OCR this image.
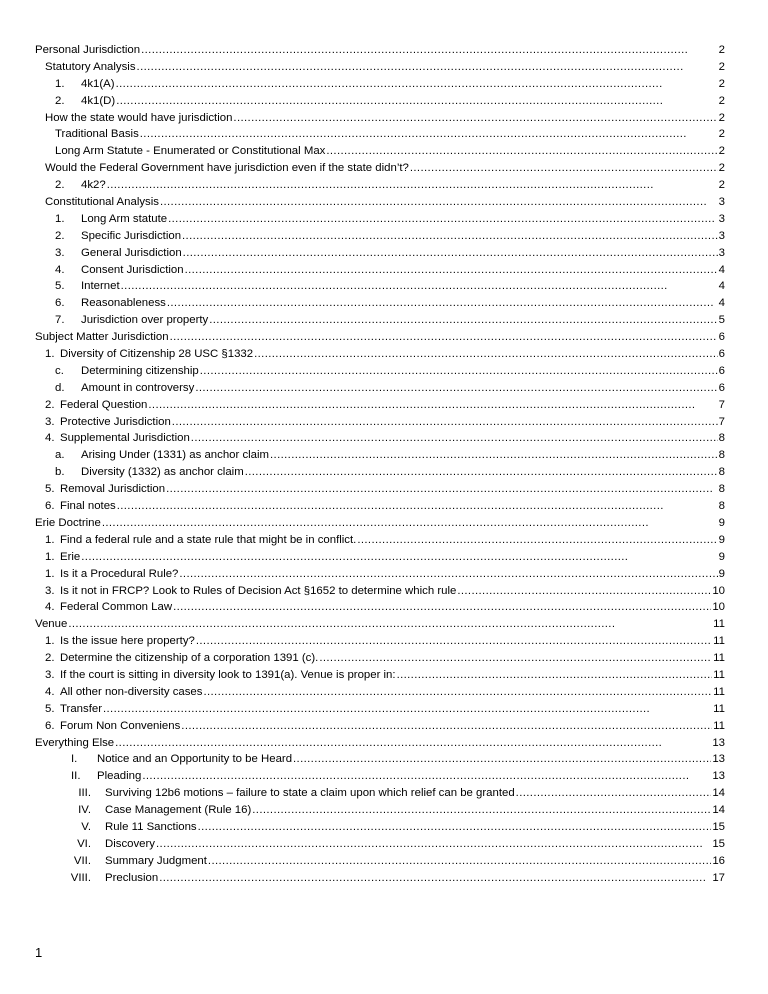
Personal Jurisdiction . . .	2
Statutory Analysis . . .	2
1.	4k1(A) . . .	2
2.	4k1(D) . . .	2
How the state would have jurisdiction . . .	2
Traditional Basis . . .	2
Long Arm Statute - Enumerated or Constitutional Max . . .	2
Would the Federal Government have jurisdiction even if the state didn’t? . . .	2
2.	4k2? . . .	2
Constitutional Analysis . . .	3
1.	Long Arm statute . . .	3
2.	Specific Jurisdiction . . .	3
3.	General Jurisdiction . . .	3
4.	Consent Jurisdiction . . .	4
5.	Internet . . .	4
6.	Reasonableness . . .	4
7.	Jurisdiction over property . . .	5
Subject Matter Jurisdiction . . .	6
1. Diversity of Citizenship 28 USC §1332 . . .	6
c.	Determining citizenship . . .	6
d.	Amount in controversy . . .	6
2. Federal Question . . .	7
3. Protective Jurisdiction . . .	7
4. Supplemental Jurisdiction . . .	8
a.	Arising Under (1331) as anchor claim . . .	8
b.	Diversity (1332) as anchor claim . . .	8
5. Removal Jurisdiction . . .	8
6. Final notes . . .	8
Erie Doctrine . . .	9
1. Find a federal rule and a state rule that might be in conflict. . . .	9
1. Erie . . .	9
1. Is it a Procedural Rule? . . .	9
3. Is it not in FRCP? Look to Rules of Decision Act §1652 to determine which rule . . .	10
4. Federal Common Law . . .	10
Venue . . .	11
1. Is the issue here property? . . .	11
2. Determine the citizenship of a corporation 1391 (c). . . .	11
3. If the court is sitting in diversity look to 1391(a). Venue is proper in: . . .	11
4. All other non-diversity cases . . .	11
5. Transfer . . .	11
6. Forum Non Conveniens . . .	11
Everything Else . . .	13
I.	Notice and an Opportunity to be Heard . . .	13
II.	Pleading . . .	13
III.	Surviving 12b6 motions – failure to state a claim upon which relief can be granted . . .	14
IV.	Case Management (Rule 16) . . .	14
V.	Rule 11 Sanctions . . .	15
VI.	Discovery . . .	15
VII.	Summary Judgment . . .	16
VIII.	Preclusion . . .	17
1
